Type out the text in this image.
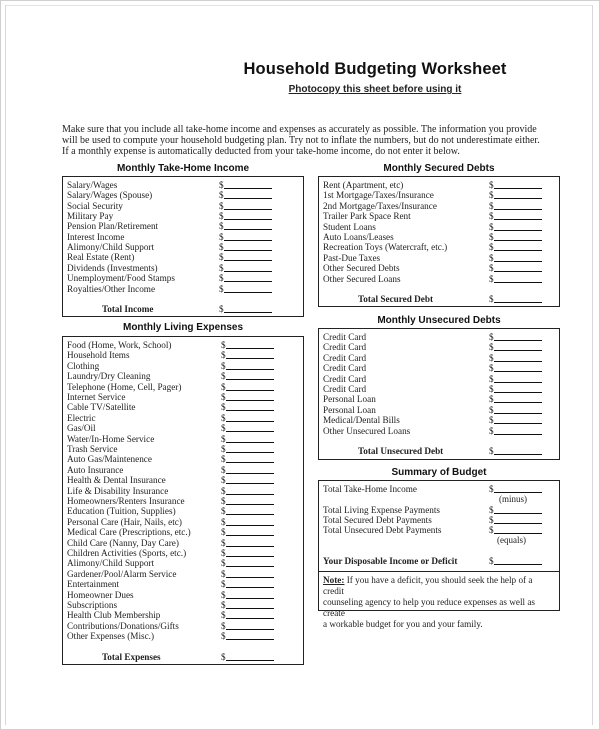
Household Budgeting Worksheet
Photocopy this sheet before using it

Make sure that you include all take-home income and expenses as accurately as possible. The information you provide

will be used to compute your household budgeting plan. Try not to inflate the numbers, but do not underestimate either.

If a monthly expense is automatically deducted from your take-home income, do not enter it below.

Monthly Take-Home Income
Salary/Wages	$
Salary/Wages (Spouse)	$
Social Security	$
Military Pay	$
Pension Plan/Retirement	$
Interest Income	$
Alimony/Child Support	$
Real Estate (Rent)	$
Dividends (Investments)	$
Unemployment/Food Stamps	$
Royalties/Other Income	$
Total Income	$
Monthly Living Expenses
Food (Home, Work, School)	$
Household Items	$
Clothing	$
Laundry/Dry Cleaning	$
Telephone (Home, Cell, Pager)	$
Internet Service	$
Cable TV/Satellite	$
Electric	$
Gas/Oil	$
Water/In-Home Service	$
Trash Service	$
Auto Gas/Maintenence	$
Auto Insurance	$
Health & Dental Insurance	$
Life & Disability Insurance	$
Homeowners/Renters Insurance	$
Education (Tuition, Supplies)	$
Personal Care (Hair, Nails, etc)	$
Medical Care (Prescriptions, etc.)	$
Child Care (Nanny, Day Care)	$
Children Activities (Sports, etc.)	$
Alimony/Child Support	$
Gardener/Pool/Alarm Service	$
Entertainment	$
Homeowner Dues	$
Subscriptions	$
Health Club Membership	$
Contributions/Donations/Gifts	$
Other Expenses (Misc.)	$
Total Expenses	$
Monthly Secured Debts
Rent (Apartment, etc)	$
1st Mortgage/Taxes/Insurance	$
2nd Mortgage/Taxes/Insurance	$
Trailer Park Space Rent	$
Student Loans	$
Auto Loans/Leases	$
Recreation Toys (Watercraft, etc.)	$
Past-Due Taxes	$
Other Secured Debts	$
Other Secured Loans	$
Total Secured Debt	$
Monthly Unsecured Debts
Credit Card	$
Credit Card	$
Credit Card	$
Credit Card	$
Credit Card	$
Credit Card	$
Personal Loan	$
Personal Loan	$
Medical/Dental Bills	$
Other Unsecured Loans	$
Total Unsecured Debt	$
Summary of Budget
Total Take-Home Income	$
(minus)
Total Living Expense Payments	$
Total Secured Debt Payments	$
Total Unsecured Debt Payments	$
(equals)
Your Disposable Income or Deficit	$
Note: If you have a deficit, you should seek the help of a credit
counseling agency to help you reduce expenses as well as create
a workable budget for you and your family.
